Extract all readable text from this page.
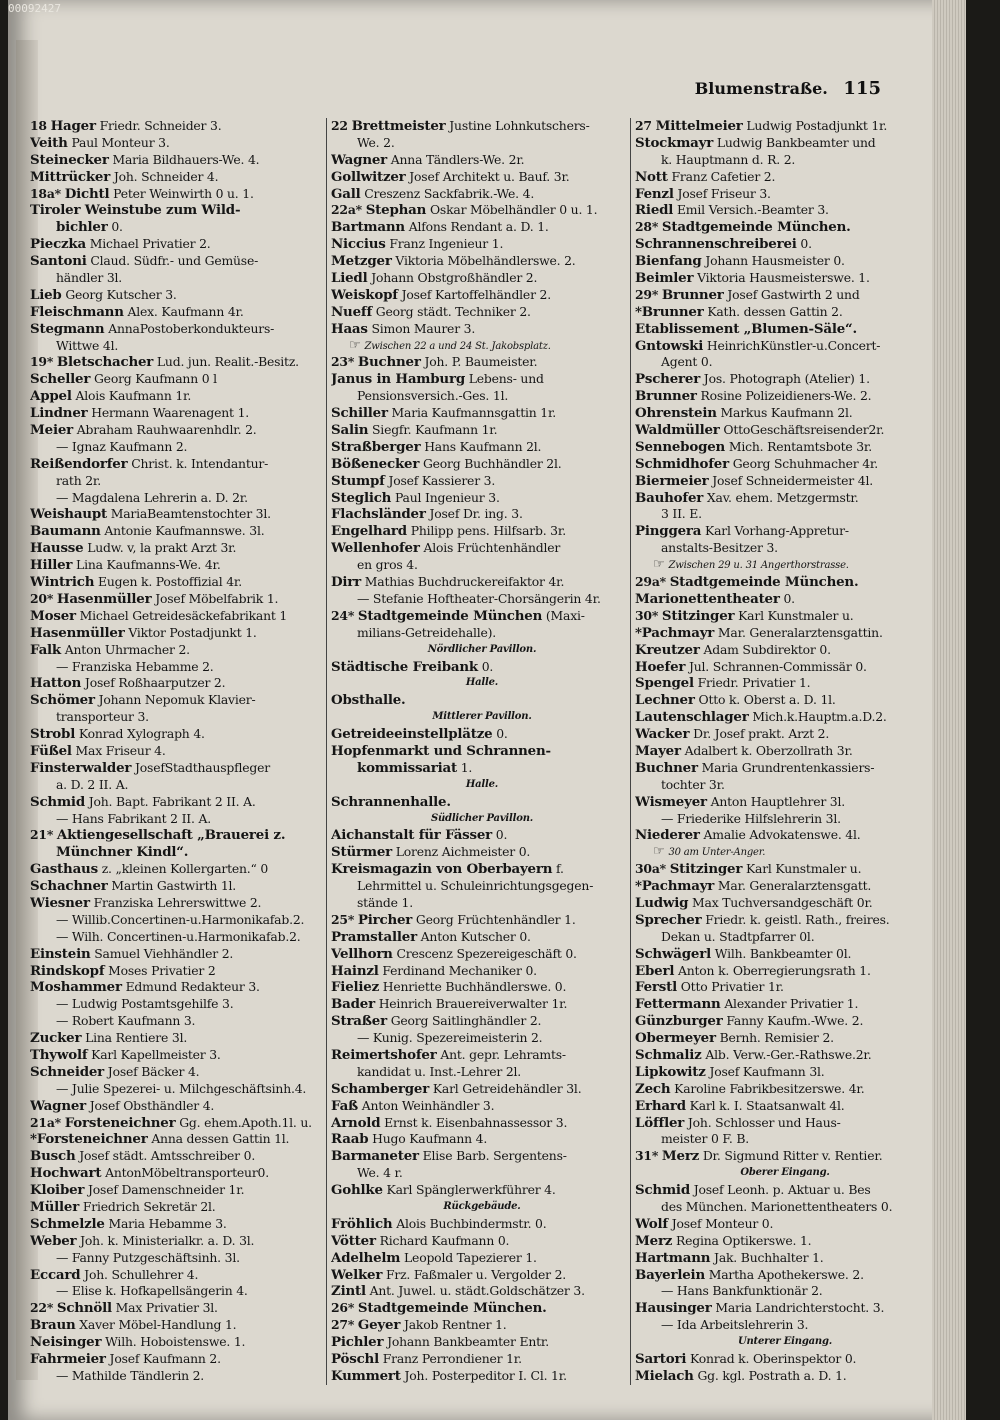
Blumenstraße. 115
18 Hager Friedr. Schneider 3.
Veith Paul Monteur 3.
Steinecker Maria Bildhauers-We. 4.
Mittrücker Joh. Schneider 4.
18a* Dichtl Peter Weinwirth 0 u. 1.
Tiroler Weinstube zum Wild-
bichler 0.
Pieczka Michael Privatier 2.
Santoni Claud. Südfr.- und Gemüse-
händler 3l.
Lieb Georg Kutscher 3.
Fleischmann Alex. Kaufmann 4r.
Stegmann AnnaPostoberkondukteurs-
Wittwe 4l.
19* Bletschacher Lud. jun. Realit.-Besitz.
Scheller Georg Kaufmann 0 l
Appel Alois Kaufmann 1r.
Lindner Hermann Waarenagent 1.
Meier Abraham Rauhwaarenhdlr. 2.
— Ignaz Kaufmann 2.
Reißendorfer Christ. k. Intendantur-
rath 2r.
— Magdalena Lehrerin a. D. 2r.
Weishaupt MariaBeamtenstochter 3l.
Baumann Antonie Kaufmannswe. 3l.
Hausse Ludw. v, la prakt Arzt 3r.
Hiller Lina Kaufmanns-We. 4r.
Wintrich Eugen k. Postoffizial 4r.
20* Hasenmüller Josef Möbelfabrik 1.
Moser Michael Getreidesäckefabrikant 1
Hasenmüller Viktor Postadjunkt 1.
Falk Anton Uhrmacher 2.
— Franziska Hebamme 2.
Hatton Josef Roßhaarputzer 2.
Schömer Johann Nepomuk Klavier-
transporteur 3.
Strobl Konrad Xylograph 4.
Füßel Max Friseur 4.
Finsterwalder JosefStadthauspfleger
a. D. 2 II. A.
Schmid Joh. Bapt. Fabrikant 2 II. A.
— Hans Fabrikant 2 II. A.
21* Aktiengesellschaft „Brauerei z.
Münchner Kindl“.
Gasthaus z. „kleinen Kollergarten.“ 0
Schachner Martin Gastwirth 1l.
Wiesner Franziska Lehrerswittwe 2.
— Willib.Concertinen-u.Harmonikafab.2.
— Wilh. Concertinen-u.Harmonikafab.2.
Einstein Samuel Viehhändler 2.
Rindskopf Moses Privatier 2
Moshammer Edmund Redakteur 3.
— Ludwig Postamtsgehilfe 3.
— Robert Kaufmann 3.
Zucker Lina Rentiere 3l.
Thywolf Karl Kapellmeister 3.
Schneider Josef Bäcker 4.
— Julie Spezerei- u. Milchgeschäftsinh.4.
Wagner Josef Obsthändler 4.
21a* Forsteneichner Gg. ehem.Apoth.1l. u.
*Forsteneichner Anna dessen Gattin 1l.
Busch Josef städt. Amtsschreiber 0.
Hochwart AntonMöbeltransporteur0.
Kloiber Josef Damenschneider 1r.
Müller Friedrich Sekretär 2l.
Schmelzle Maria Hebamme 3.
Weber Joh. k. Ministerialkr. a. D. 3l.
— Fanny Putzgeschäftsinh. 3l.
Eccard Joh. Schullehrer 4.
— Elise k. Hofkapellsängerin 4.
22* Schnöll Max Privatier 3l.
Braun Xaver Möbel-Handlung 1.
Neisinger Wilh. Hoboistenswe. 1.
Fahrmeier Josef Kaufmann 2.
— Mathilde Tändlerin 2.
22 Brettmeister Justine Lohnkutschers-
We. 2.
Wagner Anna Tändlers-We. 2r.
Gollwitzer Josef Architekt u. Bauf. 3r.
Gall Creszenz Sackfabrik.-We. 4.
22a* Stephan Oskar Möbelhändler 0 u. 1.
Bartmann Alfons Rendant a. D. 1.
Niccius Franz Ingenieur 1.
Metzger Viktoria Möbelhändlerswe. 2.
Liedl Johann Obstgroßhändler 2.
Weiskopf Josef Kartoffelhändler 2.
Nueff Georg städt. Techniker 2.
Haas Simon Maurer 3.
☞ Zwischen 22 a und 24 St. Jakobsplatz.
23* Buchner Joh. P. Baumeister.
Janus in Hamburg Lebens- und
Pensionsversich.-Ges. 1l.
Schiller Maria Kaufmannsgattin 1r.
Salin Siegfr. Kaufmann 1r.
Straßberger Hans Kaufmann 2l.
Bößenecker Georg Buchhändler 2l.
Stumpf Josef Kassierer 3.
Steglich Paul Ingenieur 3.
Flachsländer Josef Dr. ing. 3.
Engelhard Philipp pens. Hilfsarb. 3r.
Wellenhofer Alois Früchtenhändler
en gros 4.
Dirr Mathias Buchdruckereifaktor 4r.
— Stefanie Hoftheater-Chorsängerin 4r.
24* Stadtgemeinde München (Maxi-
milians-Getreidehalle).
Nördlicher Pavillon.
Städtische Freibank 0.
Halle.
Obsthalle.
Mittlerer Pavillon.
Getreideeinstellplätze 0.
Hopfenmarkt und Schrannen-
kommissariat 1.
Halle.
Schrannenhalle.
Südlicher Pavillon.
Aichanstalt für Fässer 0.
Stürmer Lorenz Aichmeister 0.
Kreismagazin von Oberbayern f.
Lehrmittel u. Schuleinrichtungsgegen-
stände 1.
25* Pircher Georg Früchtenhändler 1.
Pramstaller Anton Kutscher 0.
Vellhorn Crescenz Spezereigeschäft 0.
Hainzl Ferdinand Mechaniker 0.
Fieliez Henriette Buchhändlerswe. 0.
Bader Heinrich Brauereiverwalter 1r.
Straßer Georg Saitlinghändler 2.
— Kunig. Spezereimeisterin 2.
Reimertshofer Ant. gepr. Lehramts-
kandidat u. Inst.-Lehrer 2l.
Schamberger Karl Getreidehändler 3l.
Faß Anton Weinhändler 3.
Arnold Ernst k. Eisenbahnassessor 3.
Raab Hugo Kaufmann 4.
Barmaneter Elise Barb. Sergentens-
We. 4 r.
Gohlke Karl Spänglerwerkführer 4.
Rückgebäude.
Fröhlich Alois Buchbindermstr. 0.
Vötter Richard Kaufmann 0.
Adelhelm Leopold Tapezierer 1.
Welker Frz. Faßmaler u. Vergolder 2.
Zintl Ant. Juwel. u. städt.Goldschätzer 3.
26* Stadtgemeinde München.
27* Geyer Jakob Rentner 1.
Pichler Johann Bankbeamter Entr.
Pöschl Franz Perrondiener 1r.
Kummert Joh. Posterpeditor I. Cl. 1r.
27 Mittelmeier Ludwig Postadjunkt 1r.
Stockmayr Ludwig Bankbeamter und
k. Hauptmann d. R. 2.
Nott Franz Cafetier 2.
Fenzl Josef Friseur 3.
Riedl Emil Versich.-Beamter 3.
28* Stadtgemeinde München.
Schrannenschreiberei 0.
Bienfang Johann Hausmeister 0.
Beimler Viktoria Hausmeisterswe. 1.
29* Brunner Josef Gastwirth 2 und
*Brunner Kath. dessen Gattin 2.
Etablissement „Blumen-Säle“.
Gntowski HeinrichKünstler-u.Concert-
Agent 0.
Pscherer Jos. Photograph (Atelier) 1.
Brunner Rosine Polizeidieners-We. 2.
Ohrenstein Markus Kaufmann 2l.
Waldmüller OttoGeschäftsreisender2r.
Sennebogen Mich. Rentamtsbote 3r.
Schmidhofer Georg Schuhmacher 4r.
Biermeier Josef Schneidermeister 4l.
Bauhofer Xav. ehem. Metzgermstr.
3 II. E.
Pinggera Karl Vorhang-Appretur-
anstalts-Besitzer 3.
☞ Zwischen 29 u. 31 Angerthorstrasse.
29a* Stadtgemeinde München.
Marionettentheater 0.
30* Stitzinger Karl Kunstmaler u.
*Pachmayr Mar. Generalarztensgattin.
Kreutzer Adam Subdirektor 0.
Hoefer Jul. Schrannen-Commissär 0.
Spengel Friedr. Privatier 1.
Lechner Otto k. Oberst a. D. 1l.
Lautenschlager Mich.k.Hauptm.a.D.2.
Wacker Dr. Josef prakt. Arzt 2.
Mayer Adalbert k. Oberzollrath 3r.
Buchner Maria Grundrentenkassiers-
tochter 3r.
Wismeyer Anton Hauptlehrer 3l.
— Friederike Hilfslehrerin 3l.
Niederer Amalie Advokatenswe. 4l.
☞ 30 am Unter-Anger.
30a* Stitzinger Karl Kunstmaler u.
*Pachmayr Mar. Generalarztensgatt.
Ludwig Max Tuchversandgeschäft 0r.
Sprecher Friedr. k. geistl. Rath., freires.
Dekan u. Stadtpfarrer 0l.
Schwägerl Wilh. Bankbeamter 0l.
Eberl Anton k. Oberregierungsrath 1.
Ferstl Otto Privatier 1r.
Fettermann Alexander Privatier 1.
Günzburger Fanny Kaufm.-Wwe. 2.
Obermeyer Bernh. Remisier 2.
Schmaliz Alb. Verw.-Ger.-Rathswe.2r.
Lipkowitz Josef Kaufmann 3l.
Zech Karoline Fabrikbesitzerswe. 4r.
Erhard Karl k. I. Staatsanwalt 4l.
Löffler Joh. Schlosser und Haus-
meister 0 F. B.
31* Merz Dr. Sigmund Ritter v. Rentier.
Oberer Eingang.
Schmid Josef Leonh. p. Aktuar u. Bes
des München. Marionettentheaters 0.
Wolf Josef Monteur 0.
Merz Regina Optikerswe. 1.
Hartmann Jak. Buchhalter 1.
Bayerlein Martha Apothekerswe. 2.
— Hans Bankfunktionär 2.
Hausinger Maria Landrichterstocht. 3.
— Ida Arbeitslehrerin 3.
Unterer Eingang.
Sartori Konrad k. Oberinspektor 0.
Mielach Gg. kgl. Postrath a. D. 1.
00092427
